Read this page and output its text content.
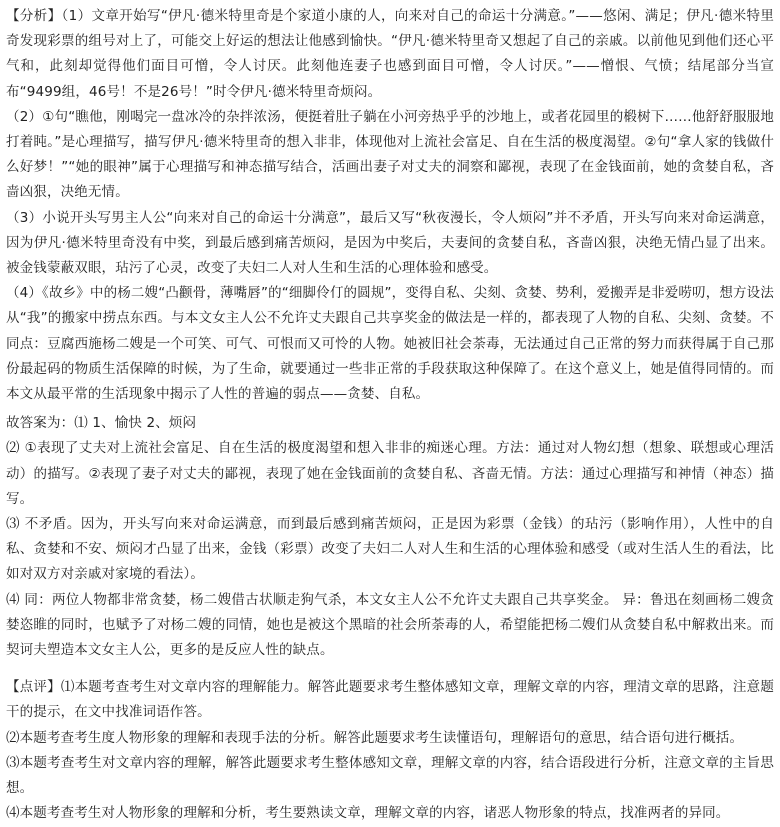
【分析】（1）文章开始写“伊凡·德米特里奇是个家道小康的人，向来对自己的命运十分满意。”——悠闲、满足；伊凡·德米特里奇发现彩票的组号对上了，可能交上好运的想法让他感到愉快。“伊凡·德米特里奇又想起了自己的亲戚。以前他见到他们还心平气和，此刻却觉得他们面目可憎，令人讨厌。此刻他连妻子也感到面目可憎，令人讨厌。”——憎恨、气愤；结尾部分当宣布“9499组，46号！不是26号！”时令伊凡·德米特里奇烦闷。

（2）①句“瞧他，刚喝完一盘冰冷的杂拌浓汤，便挺着肚子躺在小河旁热乎乎的沙地上，或者花园里的椴树下……他舒舒服服地打着盹。”是心理描写，描写伊凡·德米特里奇的想入非非，体现他对上流社会富足、自在生活的极度渴望。②句“拿人家的钱做什么好梦！”“她的眼神”属于心理描写和神态描写结合，活画出妻子对丈夫的洞察和鄙视，表现了在金钱面前，她的贪婪自私，吝啬凶狠，决绝无情。

（3）小说开头写男主人公“向来对自己的命运十分满意”，最后又写“秋夜漫长，令人烦闷”并不矛盾，开头写向来对命运满意，因为伊凡·德米特里奇没有中奖，到最后感到痛苦烦闷，是因为中奖后，夫妻间的贪婪自私，吝啬凶狠，决绝无情凸显了出来。被金钱蒙蔽双眼，玷污了心灵，改变了夫妇二人对人生和生活的心理体验和感受。

（4）《故乡》中的杨二嫂“凸颧骨，薄嘴唇”的“细脚伶仃的圆规”，变得自私、尖刻、贪婪、势利，爱搬弄是非爱唠叨，想方设法从“我”的搬家中捞点东西。与本文女主人公不允许丈夫跟自己共享奖金的做法是一样的，都表现了人物的自私、尖刻、贪婪。不同点：豆腐西施杨二嫂是一个可笑、可气、可恨而又可怜的人物。她被旧社会荼毒，无法通过自己正常的努力而获得属于自己那份最起码的物质生活保障的时候，为了生命，就要通过一些非正常的手段获取这种保障了。在这个意义上，她是值得同情的。而本文从最平常的生活现象中揭示了人性的普遍的弱点——贪婪、自私。

故答案为：⑴ 1、愉快 2、烦闷

⑵ ①表现了丈夫对上流社会富足、自在生活的极度渴望和想入非非的痴迷心理。方法：通过对人物幻想（想象、联想或心理活动）的描写。②表现了妻子对丈夫的鄙视，表现了她在金钱面前的贪婪自私、吝啬无情。方法：通过心理描写和神情（神态）描写。

⑶ 不矛盾。因为，开头写向来对命运满意，而到最后感到痛苦烦闷，正是因为彩票（金钱）的玷污（影响作用），人性中的自私、贪婪和不安、烦闷才凸显了出来，金钱（彩票）改变了夫妇二人对人生和生活的心理体验和感受（或对生活人生的看法，比如对双方对亲戚对家境的看法）。

⑷ 同：两位人物都非常贪婪，杨二嫂借古状顺走狗气杀，本文女主人公不允许丈夫跟自己共享奖金。 异：鲁迅在刻画杨二嫂贪婪恣睢的同时，也赋予了对杨二嫂的同情，她也是被这个黑暗的社会所荼毒的人，希望能把杨二嫂们从贪婪自私中解救出来。而契诃夫塑造本文女主人公，更多的是反应人性的缺点。

【点评】⑴本题考查考生对文章内容的理解能力。解答此题要求考生整体感知文章，理解文章的内容，理清文章的思路，注意题干的提示，在文中找准词语作答。

⑵本题考查考生度人物形象的理解和表现手法的分析。解答此题要求考生读懂语句，理解语句的意思，结合语句进行概括。

⑶本题考查考生对文章内容的理解，解答此题要求考生整体感知文章，理解文章的内容，结合语段进行分析，注意文章的主旨思想。

⑷本题考查考生对人物形象的理解和分析，考生要熟读文章，理解文章的内容，诸恶人物形象的特点，找准两者的异同。
